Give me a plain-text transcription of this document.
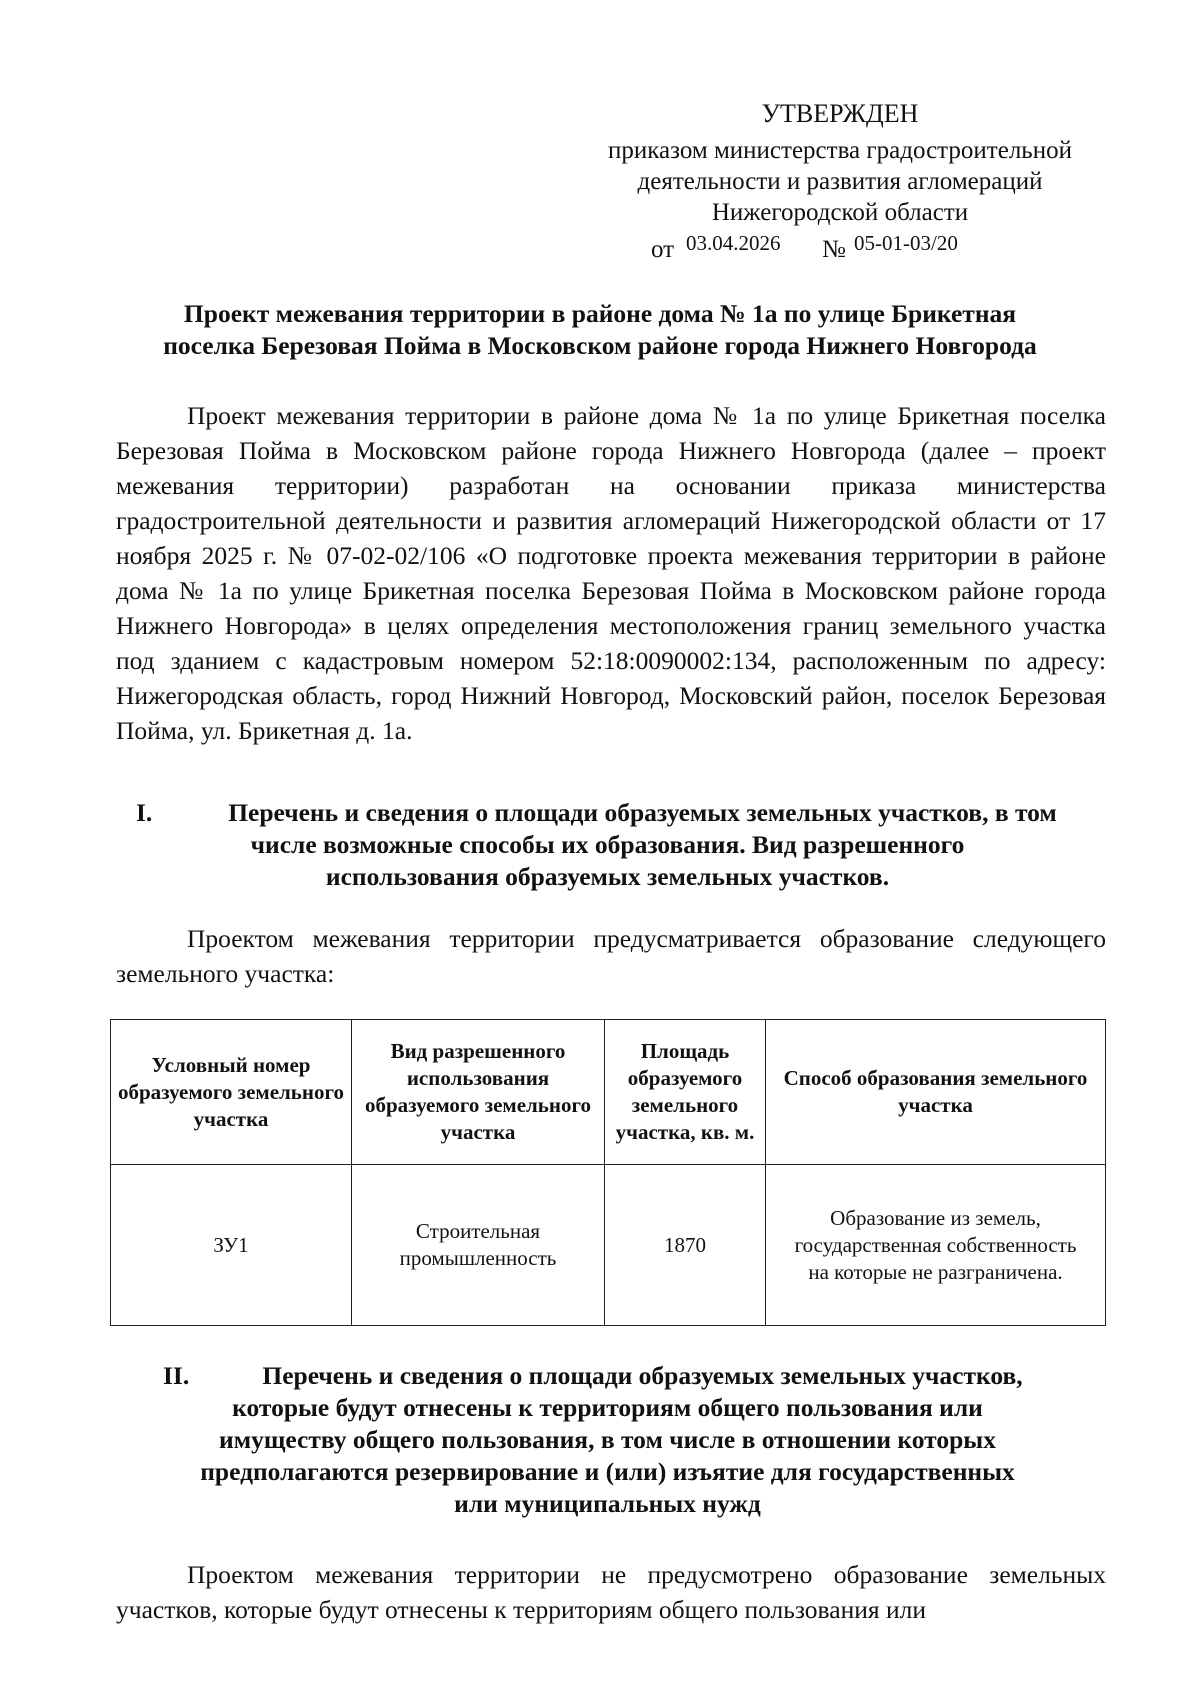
УТВЕРЖДЕН
приказом министерства градостроительной
деятельности и развития агломераций
Нижегородской области
от 03.04.2026 № 05-01-03/20
Проект межевания территории в районе дома № 1а по улице Брикетная
поселка Березовая Пойма в Московском районе города Нижнего Новгорода

Проект межевания территории в районе дома № 1а по улице Брикетная поселка Березовая Пойма в Московском районе города Нижнего Новгорода (далее – проект межевания территории) разработан на основании приказа министерства градостроительной деятельности и развития агломераций Нижегородской области от 17 ноября 2025 г. № 07-02-02/106 «О подготовке проекта межевания территории в районе дома № 1а по улице Брикетная поселка Березовая Пойма в Московском районе города Нижнего Новгорода» в целях определения местоположения границ земельного участка под зданием с кадастровым номером 52:18:0090002:134, расположенным по адресу: Нижегородская область, город Нижний Новгород, Московский район, поселок Березовая Пойма, ул. Брикетная д. 1а.

I.	Перечень и сведения о площади образуемых земельных участков, в том
числе возможные способы их образования. Вид разрешенного
использования образуемых земельных участков.

Проектом межевания территории предусматривается образование следующего земельного участка:

Условный номер образуемого земельного участка	Вид разрешенного использования образуемого земельного участка	Площадь образуемого земельного участка, кв. м.	Способ образования земельного участка
ЗУ1	Строительная промышленность	1870	Образование из земель, государственная собственность на которые не разграничена.
II.	Перечень и сведения о площади образуемых земельных участков,
которые будут отнесены к территориям общего пользования или
имуществу общего пользования, в том числе в отношении которых
предполагаются резервирование и (или) изъятие для государственных
или муниципальных нужд

Проектом межевания территории не предусмотрено образование земельных участков, которые будут отнесены к территориям общего пользования или
